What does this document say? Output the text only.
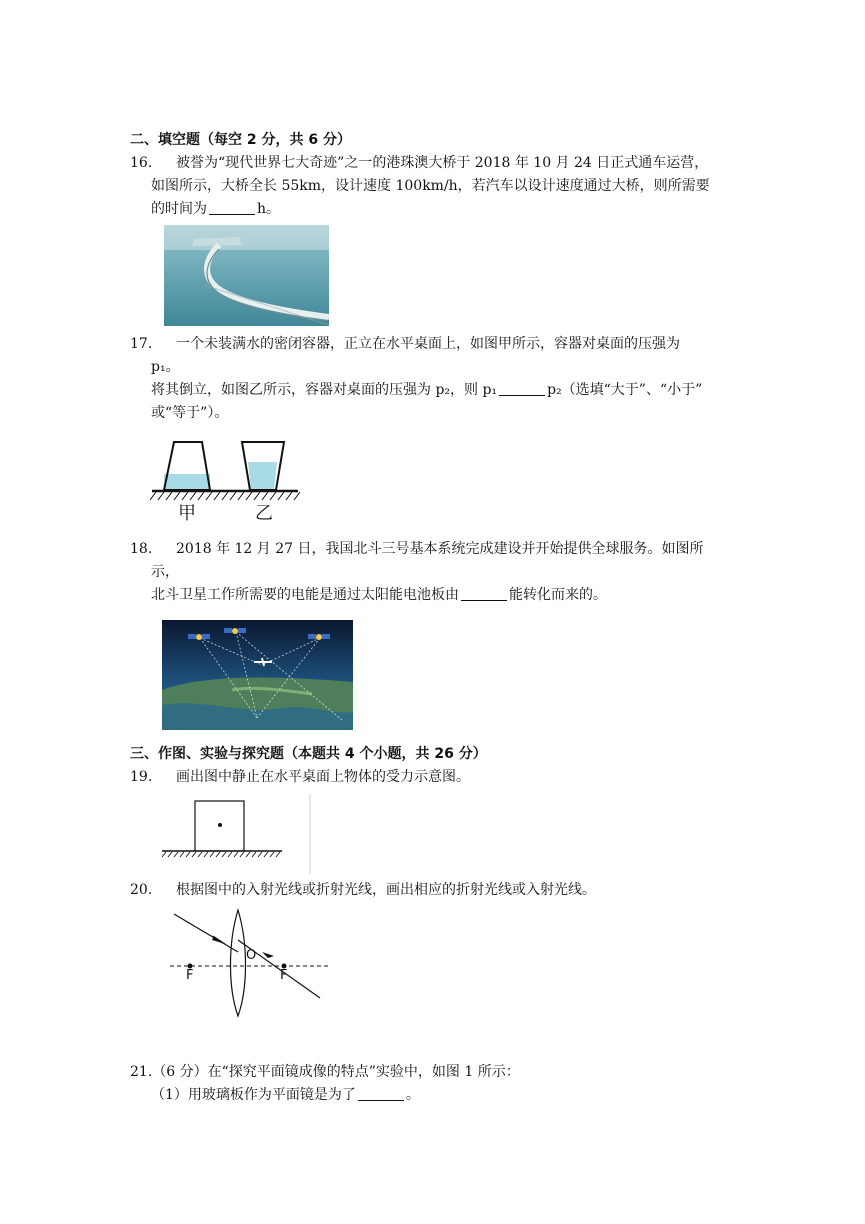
二、填空题（每空 2 分，共 6 分）
16. 被誉为“现代世界七大奇迹”之一的港珠澳大桥于 2018 年 10 月 24 日正式通车运营，
如图所示，大桥全长 55km，设计速度 100km/h，若汽车以设计速度通过大桥，则所需要
的时间为	h。
17. 一个未装满水的密闭容器，正立在水平桌面上，如图甲所示，容器对桌面的压强为
p₁。
将其倒立，如图乙所示，容器对桌面的压强为 p₂，则 p₁	p₂（选填“大于”、“小于”
或“等于”）。
甲	乙
18. 2018 年 12 月 27 日，我国北斗三号基本系统完成建设并开始提供全球服务。如图所
示，
北斗卫星工作所需要的电能是通过太阳能电池板由	能转化而来的。
三、作图、实验与探究题（本题共 4 个小题，共 26 分）
19. 画出图中静止在水平桌面上物体的受力示意图。
20. 根据图中的入射光线或折射光线，画出相应的折射光线或入射光线。
F
O
F
21.（6 分）在“探究平面镜成像的特点”实验中，如图 1 所示：
（1）用玻璃板作为平面镜是为了	。
